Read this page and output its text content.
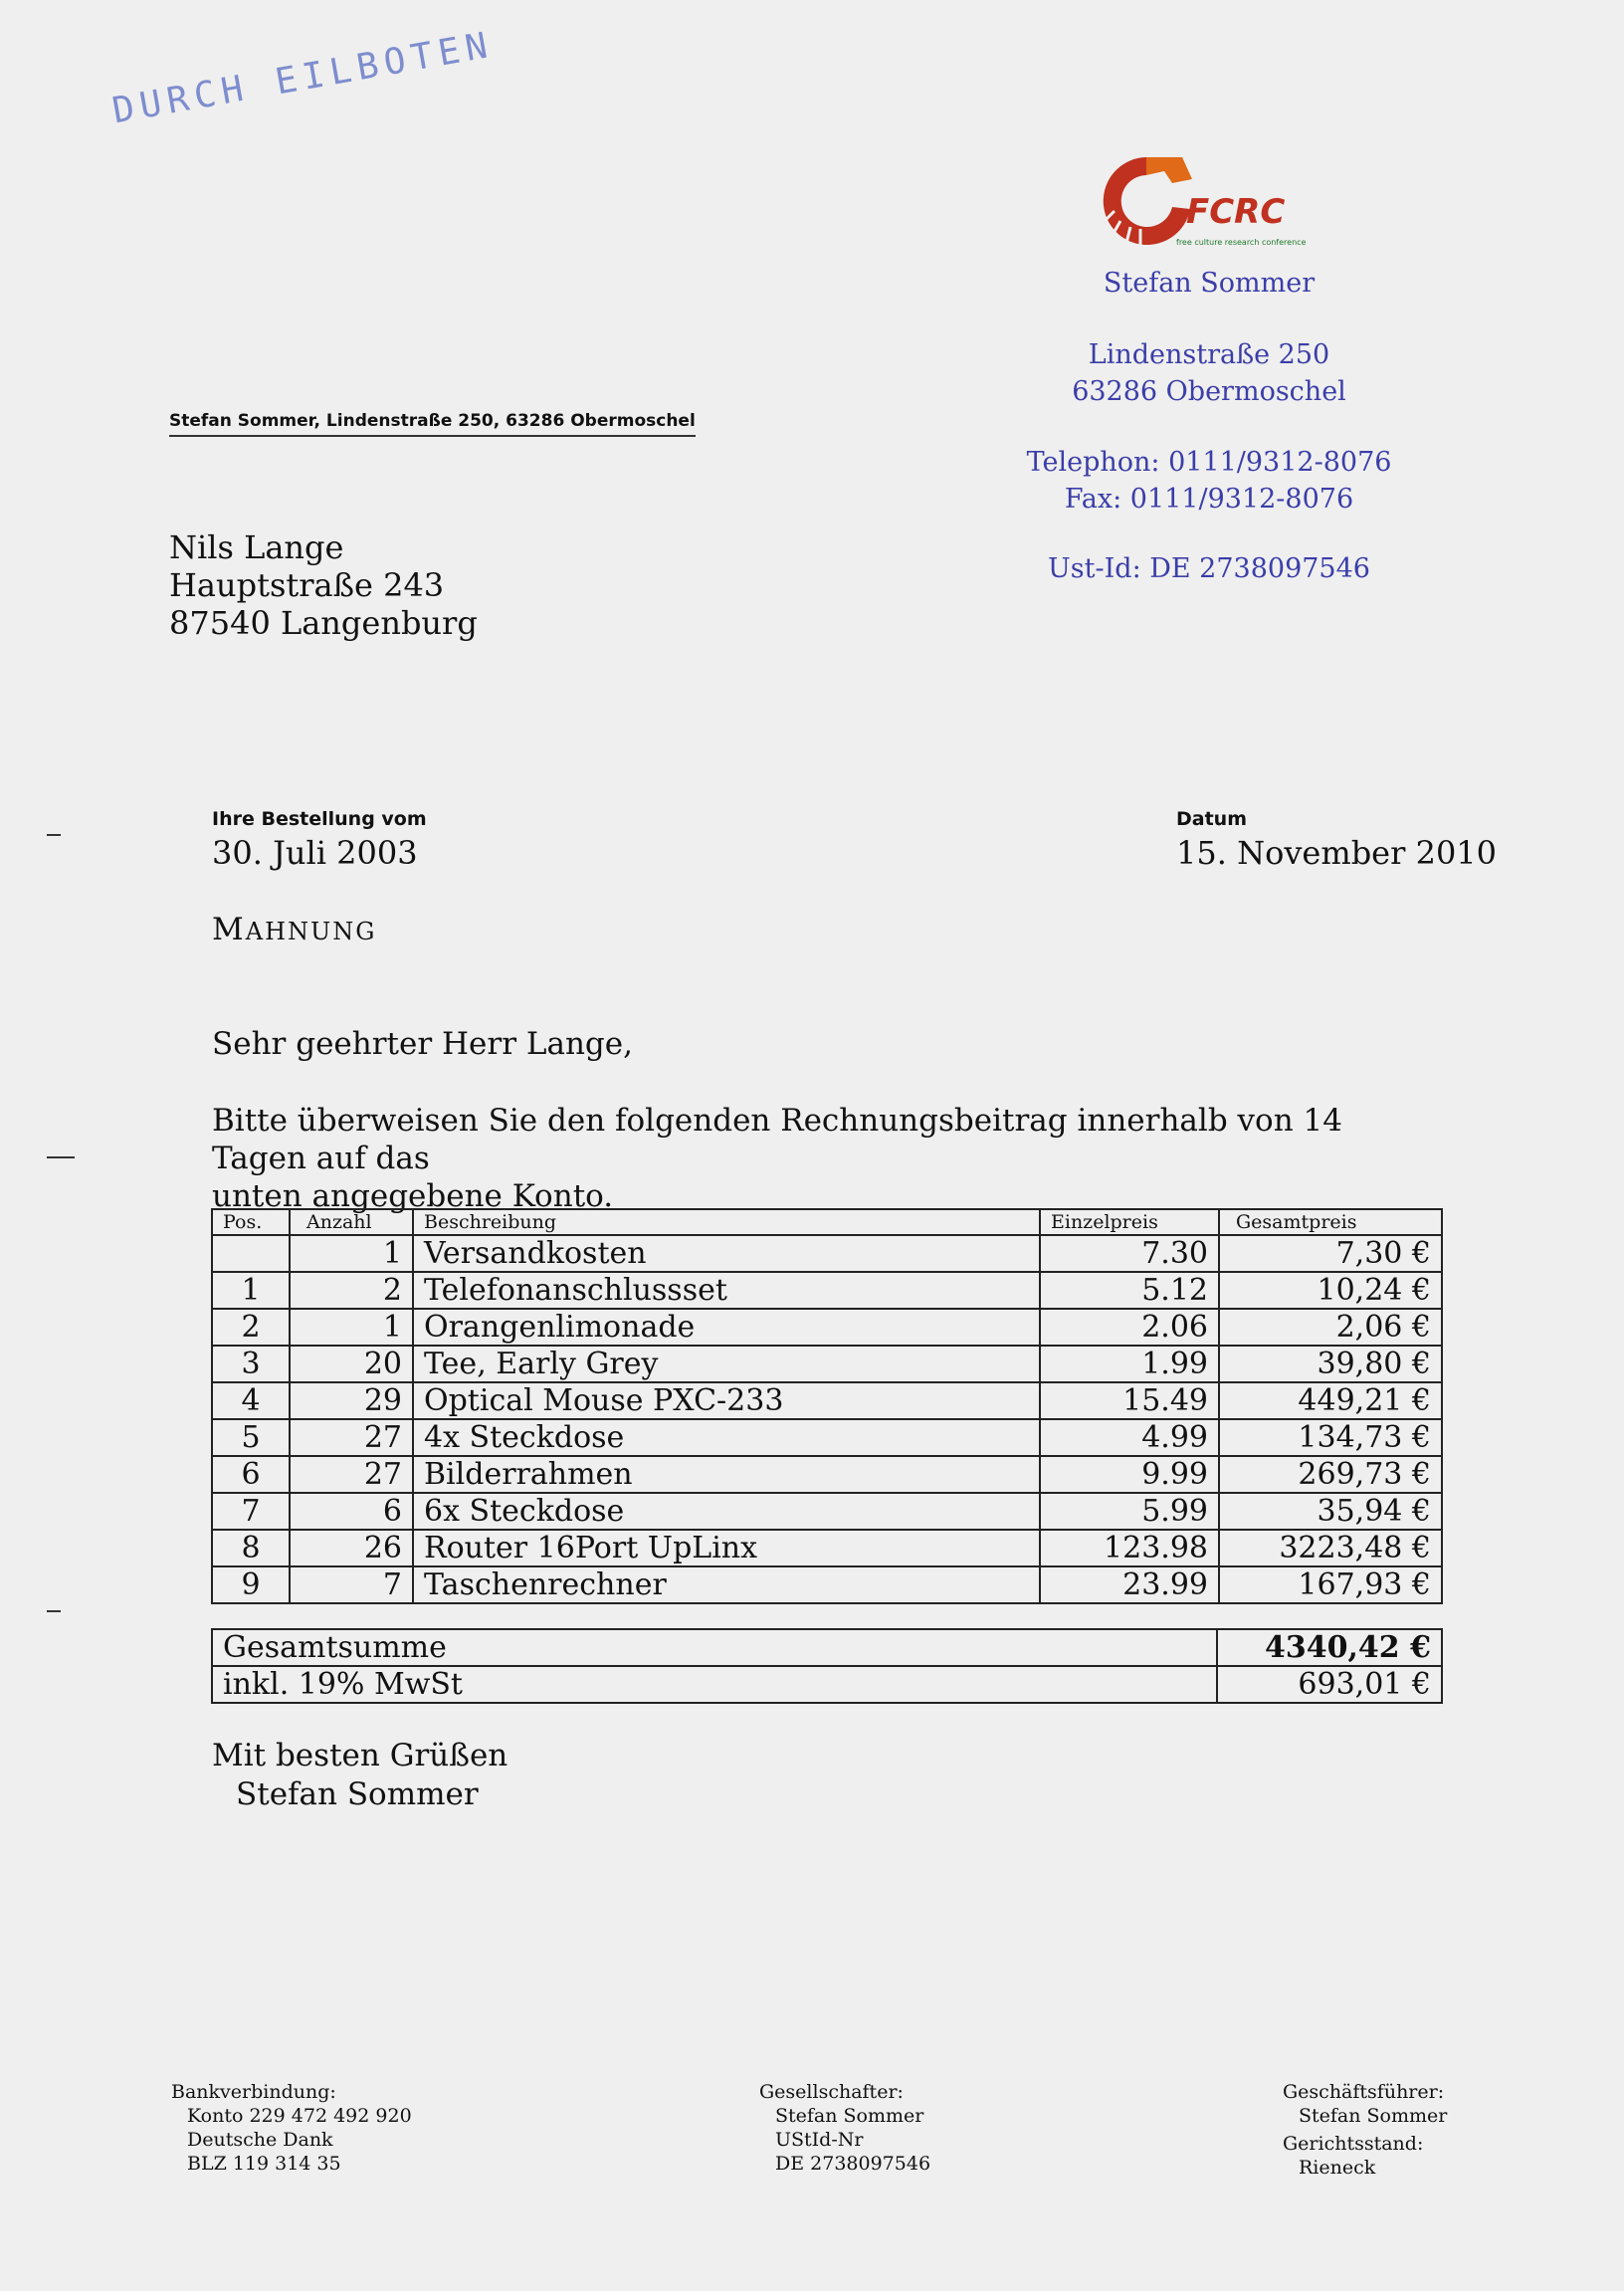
DURCH EILBOTEN
FCRC
free culture research conference
Stefan Sommer
Lindenstraße 250
63286 Obermoschel
Telephon: 0111/9312-8076
Fax: 0111/9312-8076
Ust-Id: DE 2738097546
Stefan Sommer, Lindenstraße 250, 63286 Obermoschel
Nils Lange
Hauptstraße 243
87540 Langenburg
Ihre Bestellung vom
30. Juli 2003
Datum
15. November 2010
MAHNUNG
Sehr geehrter Herr Lange,
Bitte überweisen Sie den folgenden Rechnungsbeitrag innerhalb von 14 Tagen auf das
unten angegebene Konto.
Pos.	Anzahl	Beschreibung	Einzelpreis	Gesamtpreis
	1	Versandkosten	7.30	7,30 €
1	2	Telefonanschlussset	5.12	10,24 €
2	1	Orangenlimonade	2.06	2,06 €
3	20	Tee, Early Grey	1.99	39,80 €
4	29	Optical Mouse PXC-233	15.49	449,21 €
5	27	4x Steckdose	4.99	134,73 €
6	27	Bilderrahmen	9.99	269,73 €
7	6	6x Steckdose	5.99	35,94 €
8	26	Router 16Port UpLinx	123.98	3223,48 €
9	7	Taschenrechner	23.99	167,93 €
Gesamtsumme	4340,42 €
inkl. 19% MwSt	693,01 €
Mit besten Grüßen
Stefan Sommer
Bankverbindung:
Konto 229 472 492 920
Deutsche Dank
BLZ 119 314 35
Gesellschafter:
Stefan Sommer
UStId-Nr
DE 2738097546
Geschäftsführer:
Stefan Sommer
Gerichtsstand:
Rieneck
